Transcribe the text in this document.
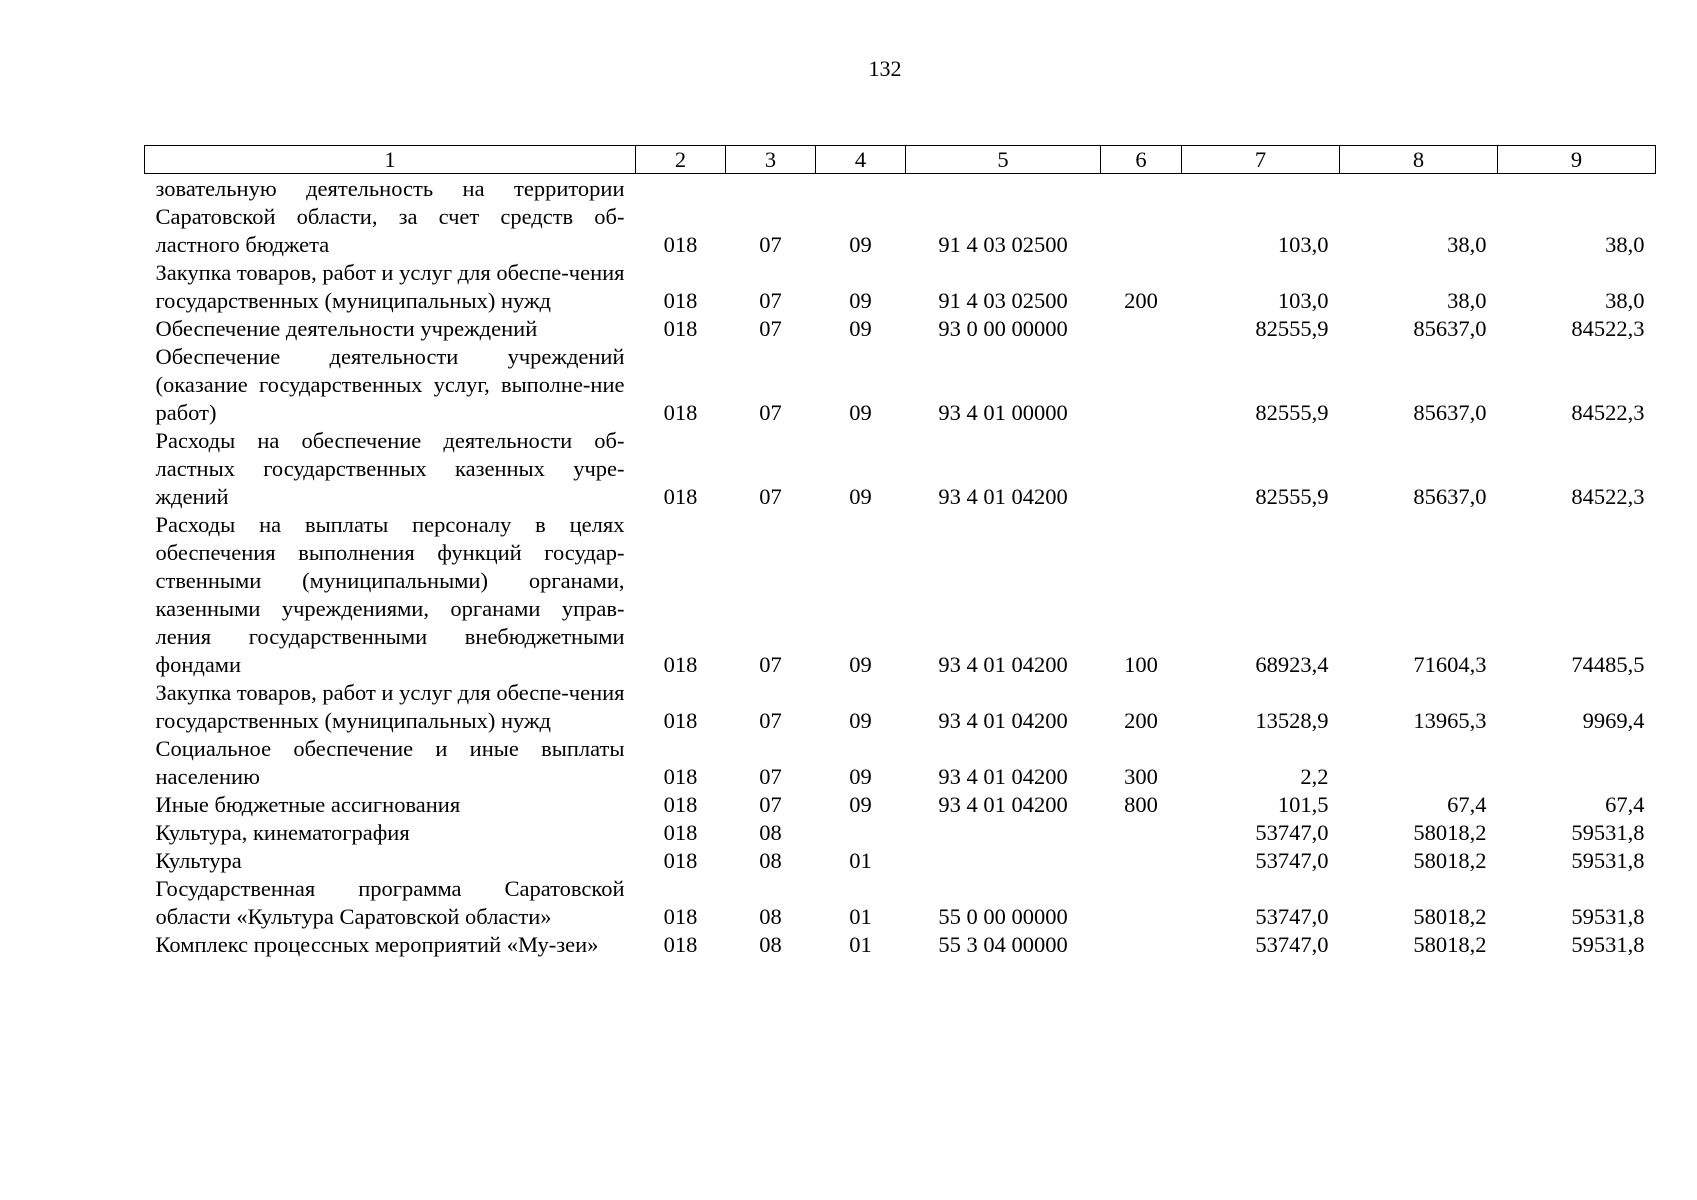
132
1	2	3	4	5	6	7	8	9
зовательную деятельность на территории Саратовской области, за счет средств об-ластного бюджета	018	07	09	91 4 03 02500		103,0	38,0	38,0
Закупка товаров, работ и услуг для обеспе-чения государственных (муниципальных) нужд	018	07	09	91 4 03 02500	200	103,0	38,0	38,0
Обеспечение деятельности учреждений	018	07	09	93 0 00 00000		82555,9	85637,0	84522,3
Обеспечение деятельности учреждений (оказание государственных услуг, выполне-ние работ)	018	07	09	93 4 01 00000		82555,9	85637,0	84522,3
Расходы на обеспечение деятельности об-ластных государственных казенных учре-ждений	018	07	09	93 4 01 04200		82555,9	85637,0	84522,3
Расходы на выплаты персоналу в целях обеспечения выполнения функций государ-ственными (муниципальными) органами, казенными учреждениями, органами управ-ления государственными внебюджетными фондами	018	07	09	93 4 01 04200	100	68923,4	71604,3	74485,5
Закупка товаров, работ и услуг для обеспе-чения государственных (муниципальных) нужд	018	07	09	93 4 01 04200	200	13528,9	13965,3	9969,4
Социальное обеспечение и иные выплаты населению	018	07	09	93 4 01 04200	300	2,2		
Иные бюджетные ассигнования	018	07	09	93 4 01 04200	800	101,5	67,4	67,4
Культура, кинематография	018	08				53747,0	58018,2	59531,8
Культура	018	08	01			53747,0	58018,2	59531,8
Государственная программа Саратовской области «Культура Саратовской области»	018	08	01	55 0 00 00000		53747,0	58018,2	59531,8
Комплекс процессных мероприятий «Му-зеи»	018	08	01	55 3 04 00000		53747,0	58018,2	59531,8
